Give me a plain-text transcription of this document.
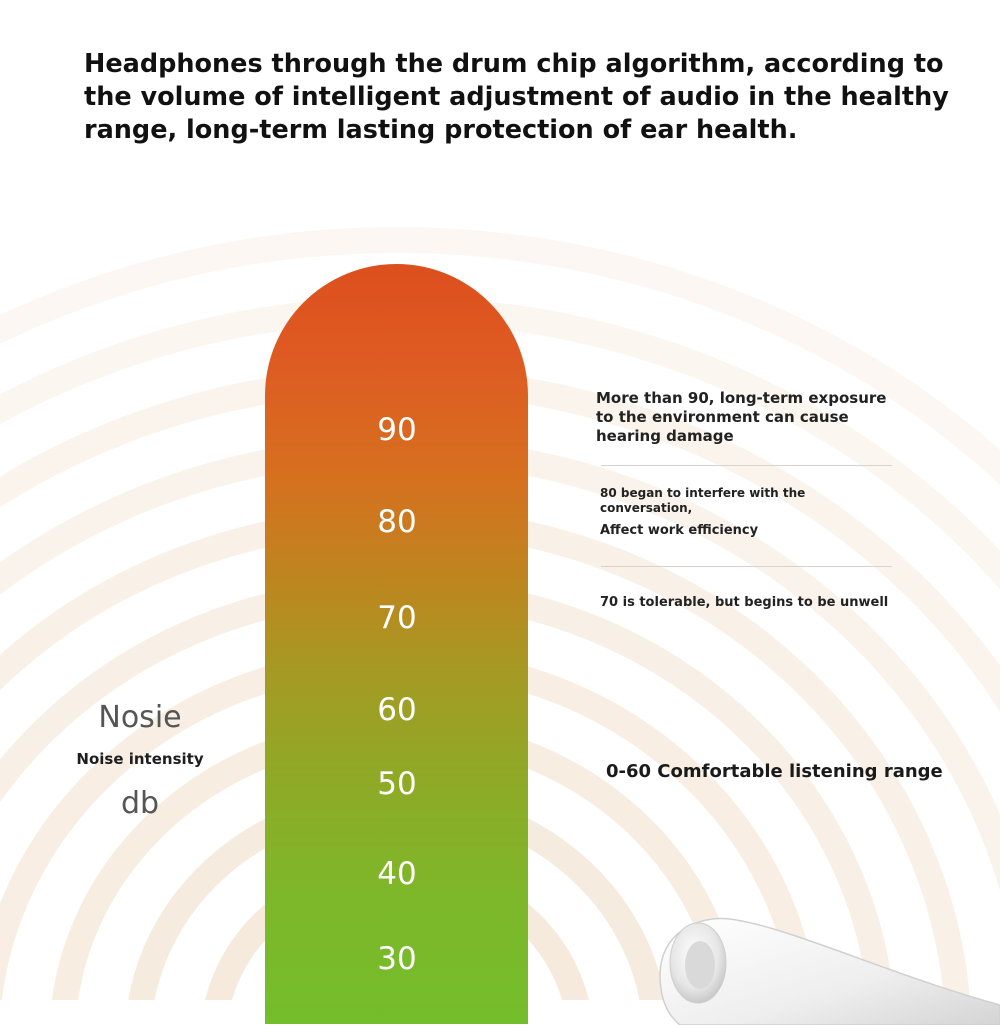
Headphones through the drum chip algorithm, according to the volume of intelligent adjustment of audio in the healthy range, long-term lasting protection of ear health.

90
80
70
60
50
40
30
Nosie
Noise intensity
db
More than 90, long-term exposure to the environment can cause hearing damage
80 began to interfere with the conversation,
Affect work efficiency
70 is tolerable, but begins to be unwell
0-60 Comfortable listening range
